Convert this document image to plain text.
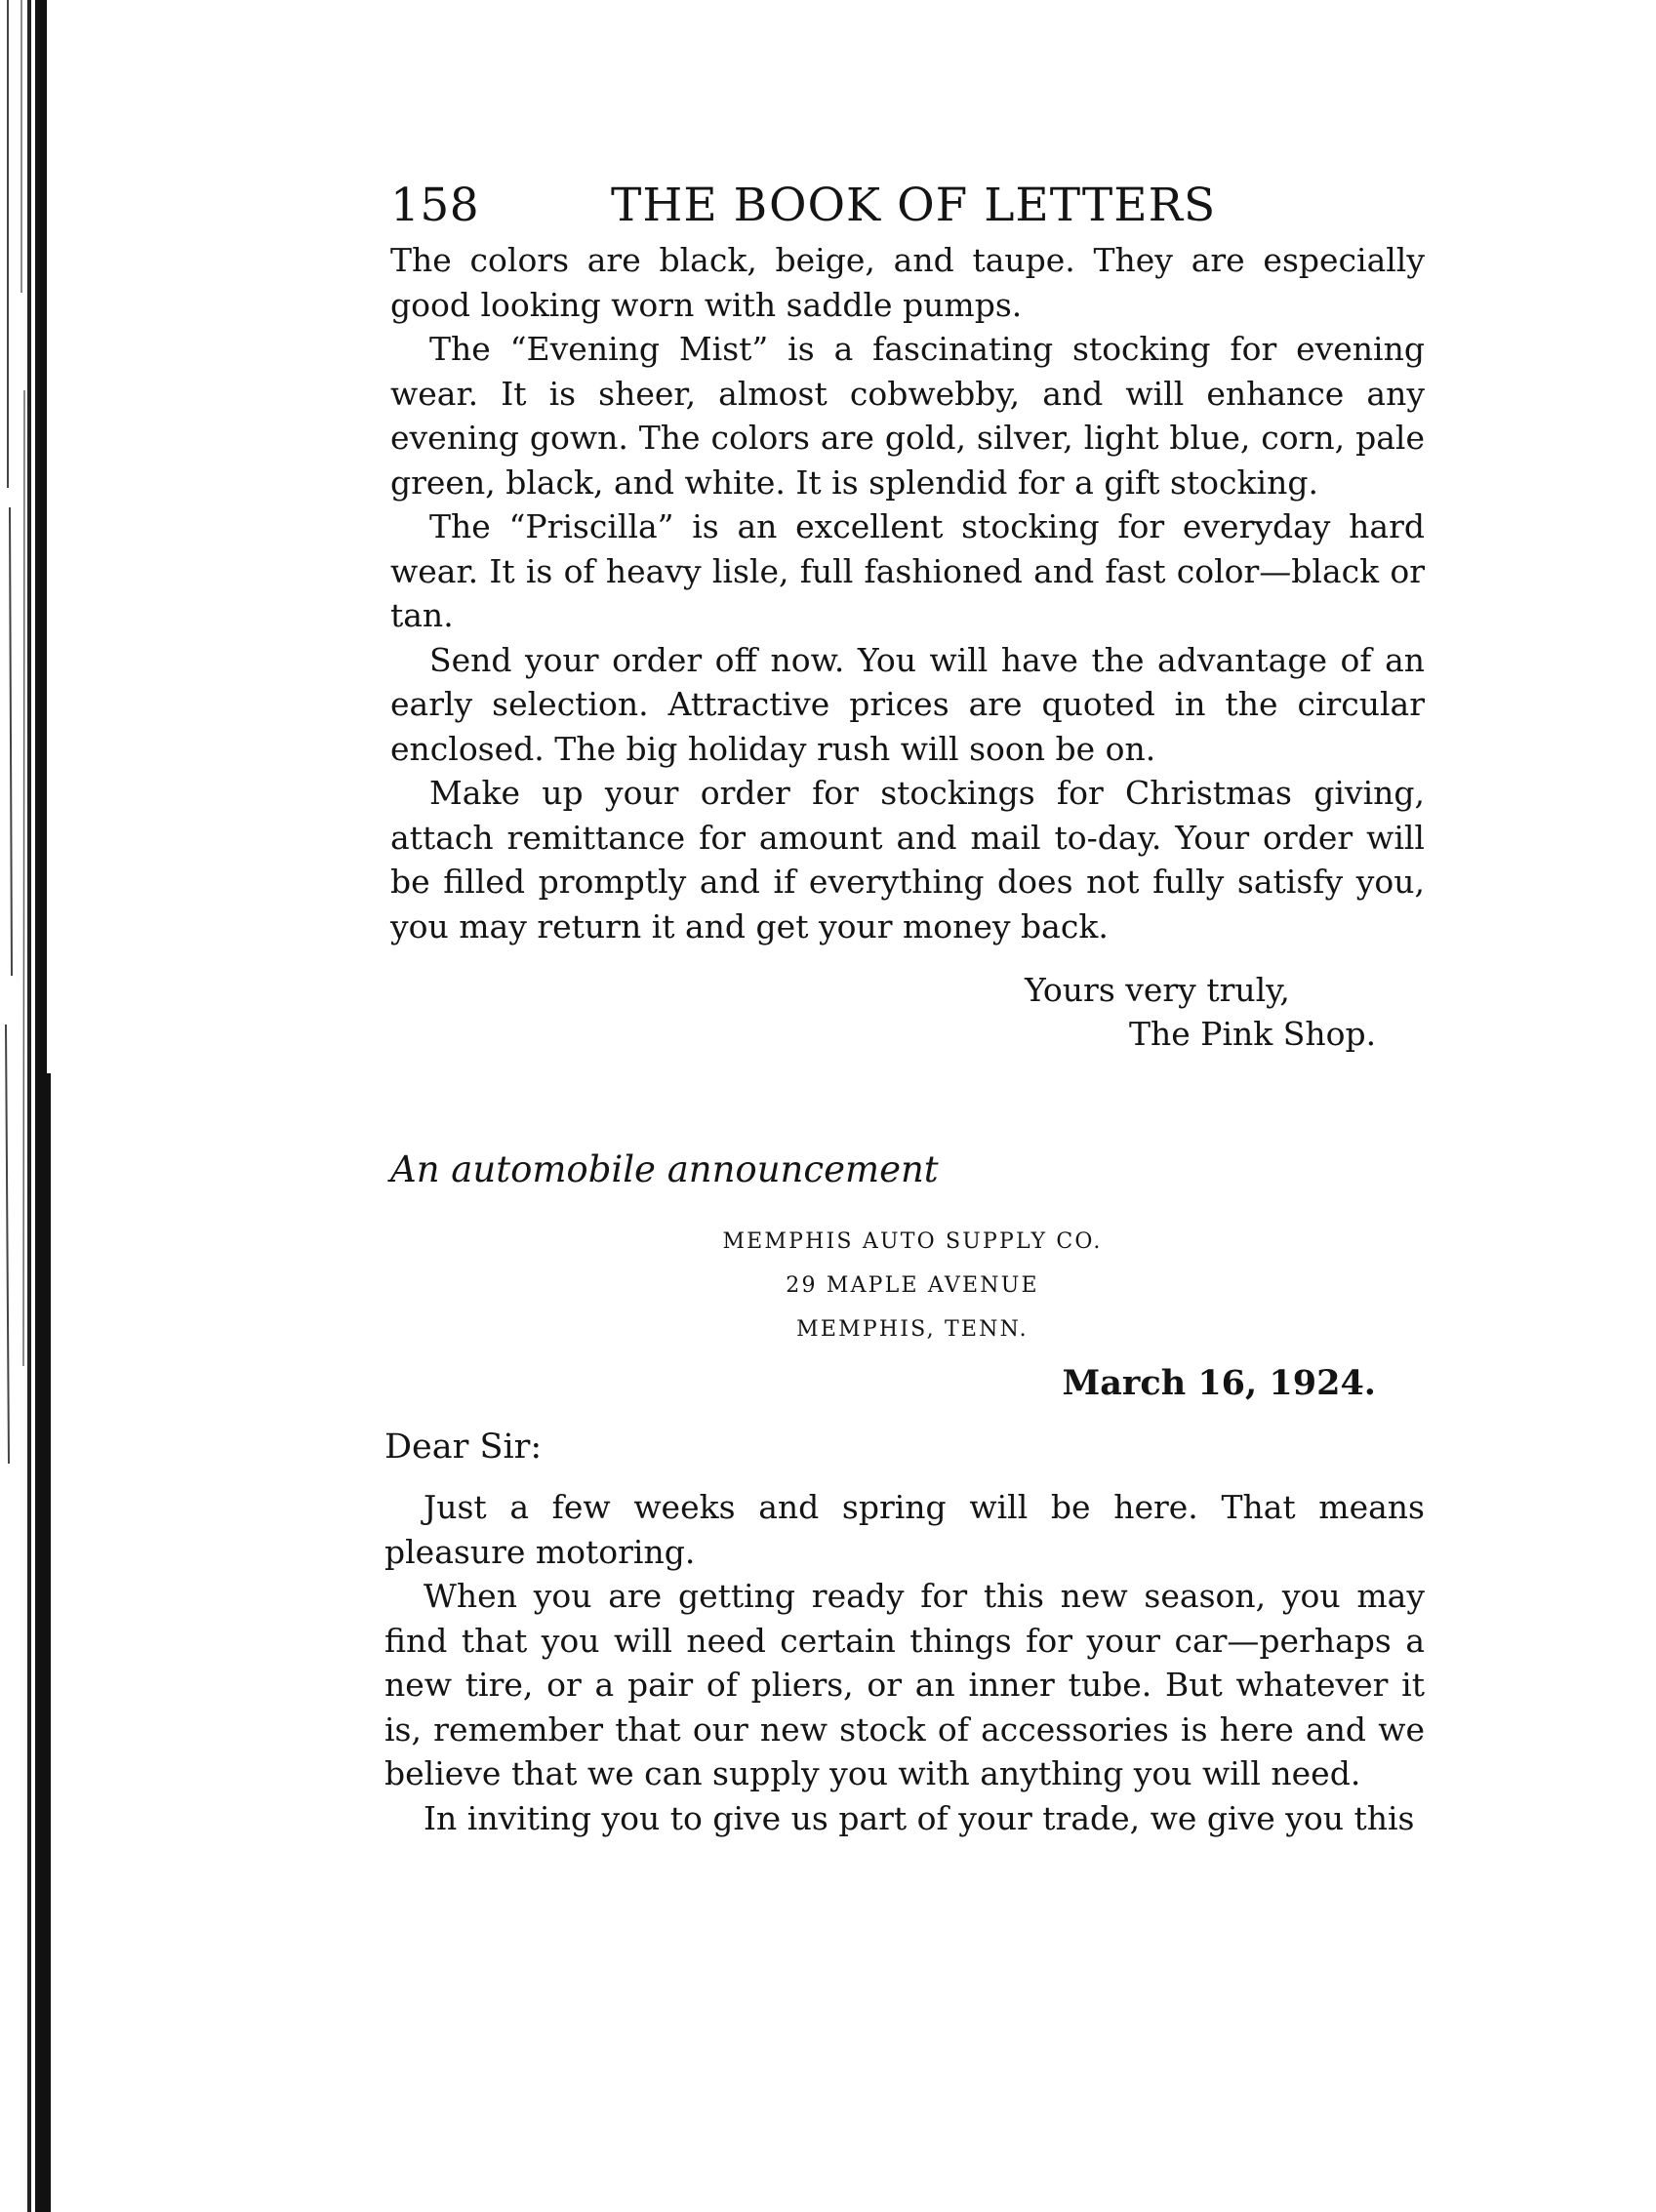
158	THE BOOK OF LETTERS

The colors are black, beige, and taupe. They are especially good looking worn with saddle pumps.

The “Evening Mist” is a fascinating stocking for evening wear. It is sheer, almost cobwebby, and will enhance any evening gown. The colors are gold, silver, light blue, corn, pale green, black, and white. It is splendid for a gift stocking.

The “Priscilla” is an excellent stocking for everyday hard wear. It is of heavy lisle, full fashioned and fast color—black or tan.

Send your order off now. You will have the advantage of an early selection. Attractive prices are quoted in the circular enclosed. The big holiday rush will soon be on.

Make up your order for stockings for Christmas giving, attach remittance for amount and mail to-day. Your order will be filled promptly and if everything does not fully satisfy you, you may return it and get your money back.

Yours very truly,
The Pink Shop.
An automobile announcement
MEMPHIS AUTO SUPPLY CO.
29 MAPLE AVENUE
MEMPHIS, TENN.
March 16, 1924.
Dear Sir:

Just a few weeks and spring will be here. That means pleasure motoring.

When you are getting ready for this new season, you may find that you will need certain things for your car—perhaps a new tire, or a pair of pliers, or an inner tube. But whatever it is, remember that our new stock of accessories is here and we believe that we can supply you with anything you will need.

In inviting you to give us part of your trade, we give you this
